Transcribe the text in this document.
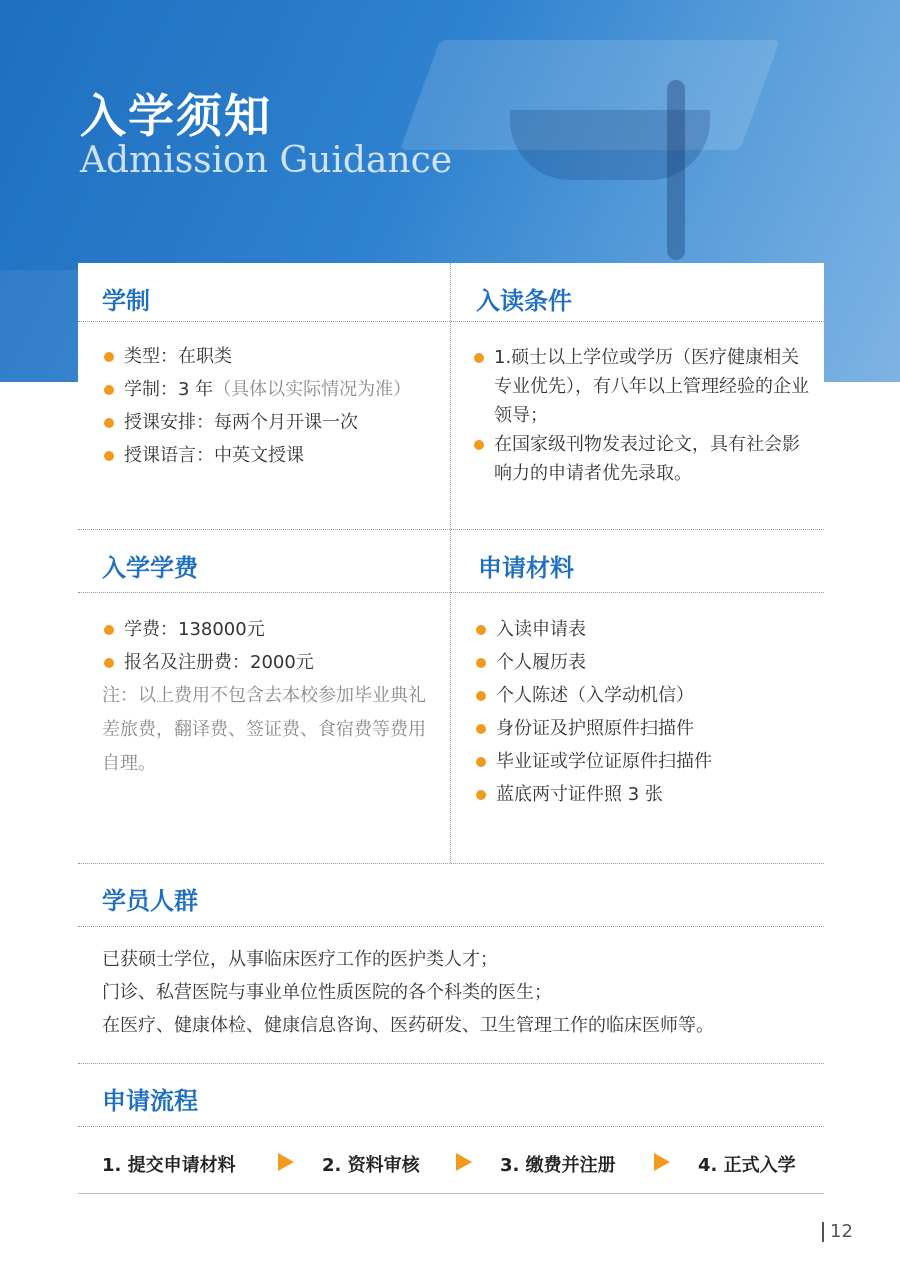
入学须知
Admission Guidance
学制	入读条件
类型：在职类
学制：3 年（具体以实际情况为准）
授课安排：每两个月开课一次
授课语言：中英文授课
1.硕士以上学位或学历（医疗健康相关专业优先），有八年以上管理经验的企业领导；
在国家级刊物发表过论文，具有社会影响力的申请者优先录取。
入学学费	申请材料
学费：138000元
报名及注册费：2000元
注：以上费用不包含去本校参加毕业典礼差旅费，翻译费、签证费、食宿费等费用自理。
入读申请表
个人履历表
个人陈述（入学动机信）
身份证及护照原件扫描件
毕业证或学位证原件扫描件
蓝底两寸证件照 3 张
学员人群
已获硕士学位，从事临床医疗工作的医护类人才；
门诊、私营医院与事业单位性质医院的各个科类的医生；
在医疗、健康体检、健康信息咨询、医药研发、卫生管理工作的临床医师等。
申请流程
1. 提交申请材料	2. 资料审核	3. 缴费并注册	4. 正式入学
12
